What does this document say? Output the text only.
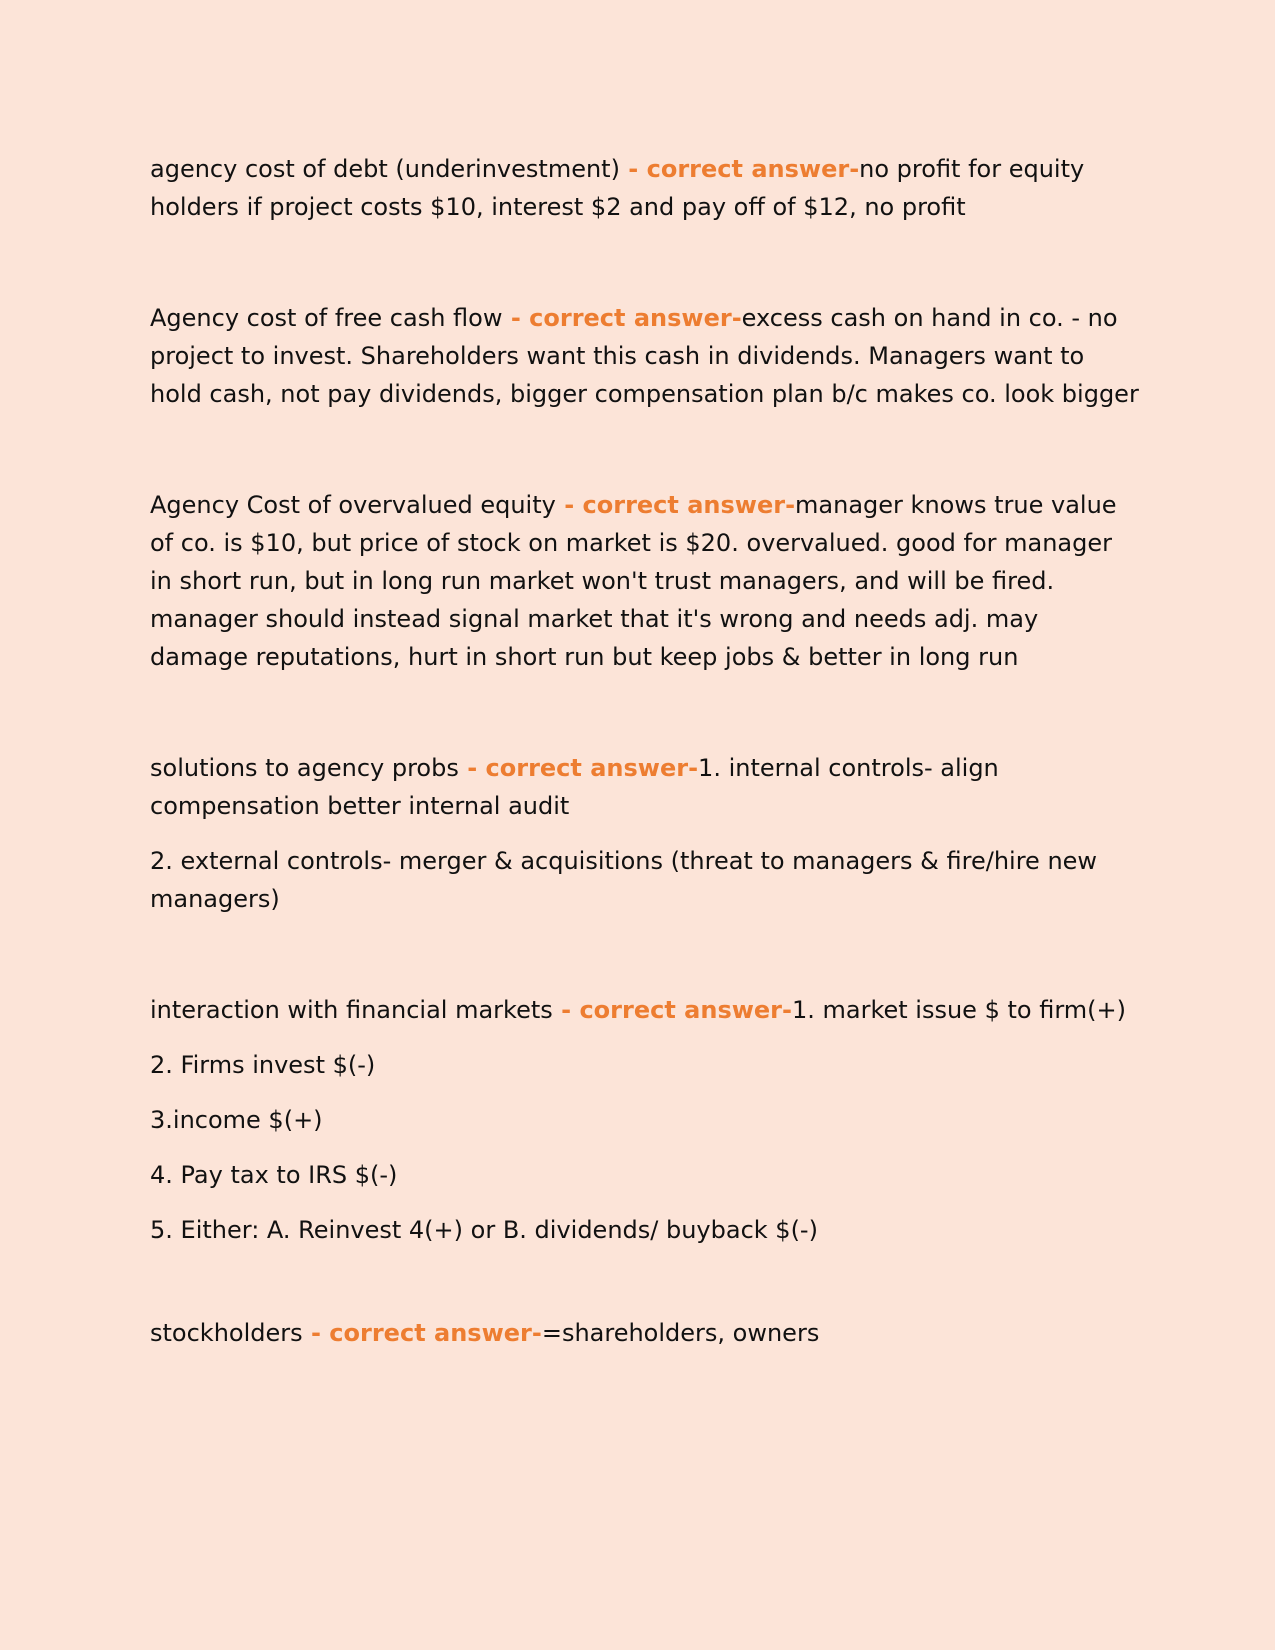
agency cost of debt (underinvestment) - correct answer-no profit for equity holders if project costs $10, interest $2 and pay off of $12, no profit

Agency cost of free cash flow - correct answer-excess cash on hand in co. - no project to invest. Shareholders want this cash in dividends. Managers want to hold cash, not pay dividends, bigger compensation plan b/c makes co. look bigger

Agency Cost of overvalued equity - correct answer-manager knows true value of co. is $10, but price of stock on market is $20. overvalued. good for manager in short run, but in long run market won't trust managers, and will be fired. manager should instead signal market that it's wrong and needs adj. may damage reputations, hurt in short run but keep jobs & better in long run

solutions to agency probs - correct answer-1. internal controls- align compensation better internal audit

2. external controls- merger & acquisitions (threat to managers & fire/hire new managers)

interaction with financial markets - correct answer-1. market issue $ to firm(+)

2. Firms invest $(-)

3.income $(+)

4. Pay tax to IRS $(-)

5. Either: A. Reinvest 4(+) or B. dividends/ buyback $(-)

stockholders - correct answer-=shareholders, owners
